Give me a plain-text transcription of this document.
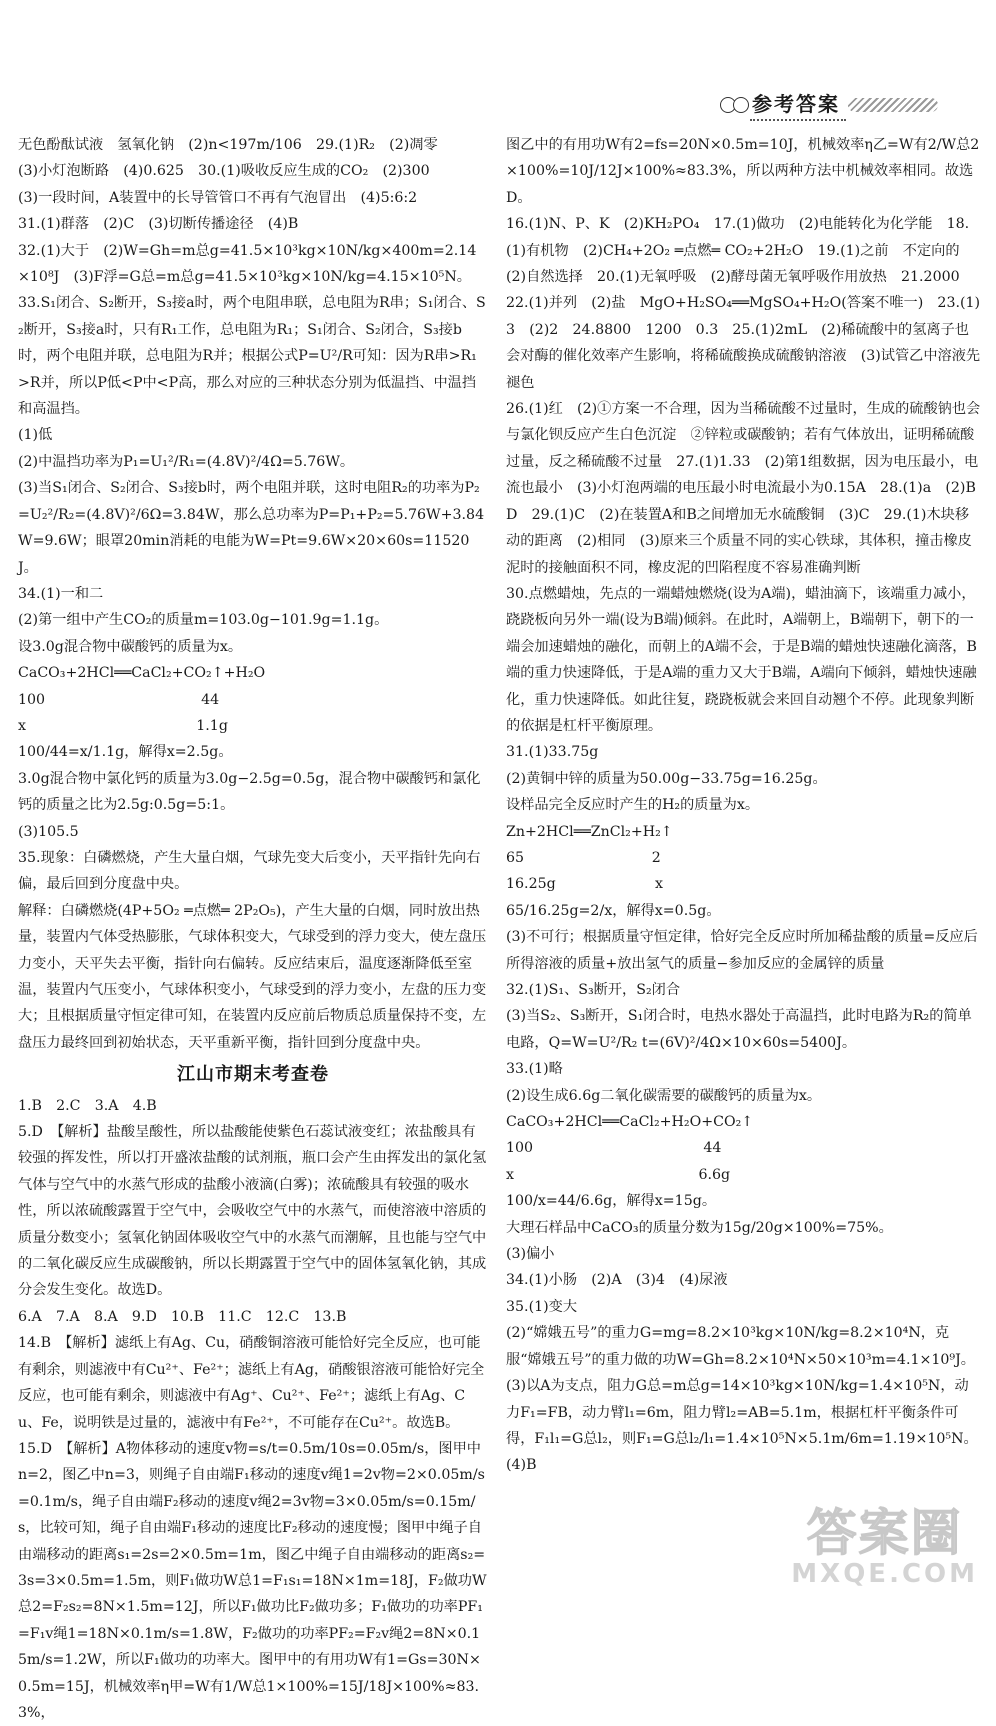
参考答案

无色酚酞试液　氢氧化钠　(2)n<197m/106　29.(1)R₂　(2)凋零

(3)小灯泡断路　(4)0.625　30.(1)吸收反应生成的CO₂　(2)300

(3)一段时间，A装置中的长导管管口不再有气泡冒出　(4)5:6:2

31.(1)群落　(2)C　(3)切断传播途径　(4)B

32.(1)大于　(2)W=Gh=m总g=41.5×10³kg×10N/kg×400m=2.14×10⁸J　(3)F浮=G总=m总g=41.5×10³kg×10N/kg=4.15×10⁵N。

33.S₁闭合、S₂断开，S₃接a时，两个电阻串联，总电阻为R串；S₁闭合、S₂断开，S₃接a时，只有R₁工作，总电阻为R₁；S₁闭合、S₂闭合，S₃接b时，两个电阻并联，总电阻为R并；根据公式P=U²/R可知：因为R串>R₁>R并，所以P低<P中<P高，那么对应的三种状态分别为低温挡、中温挡和高温挡。

(1)低

(2)中温挡功率为P₁=U₁²/R₁=(4.8V)²/4Ω=5.76W。

(3)当S₁闭合、S₂闭合、S₃接b时，两个电阻并联，这时电阻R₂的功率为P₂=U₂²/R₂=(4.8V)²/6Ω=3.84W，那么总功率为P=P₁+P₂=5.76W+3.84W=9.6W；眼罩20min消耗的电能为W=Pt=9.6W×20×60s=11520J。

34.(1)一和二

(2)第一组中产生CO₂的质量m=103.0g−101.9g=1.1g。

设3.0g混合物中碳酸钙的质量为x。

CaCO₃+2HCl══CaCl₂+CO₂↑+H₂O

100　　　　　　　　　　　44

x　　　　　　　　　　　　1.1g

100/44=x/1.1g，解得x=2.5g。

3.0g混合物中氯化钙的质量为3.0g−2.5g=0.5g，混合物中碳酸钙和氯化钙的质量之比为2.5g:0.5g=5:1。

(3)105.5

35.现象：白磷燃烧，产生大量白烟，气球先变大后变小，天平指针先向右偏，最后回到分度盘中央。

解释：白磷燃烧(4P+5O₂ ═点燃═ 2P₂O₅)，产生大量的白烟，同时放出热量，装置内气体受热膨胀，气球体积变大，气球受到的浮力变大，使左盘压力变小，天平失去平衡，指针向右偏转。反应结束后，温度逐渐降低至室温，装置内气压变小，气球体积变小，气球受到的浮力变小，左盘的压力变大；且根据质量守恒定律可知，在装置内反应前后物质总质量保持不变，左盘压力最终回到初始状态，天平重新平衡，指针回到分度盘中央。

江山市期末考查卷

1.B　2.C　3.A　4.B

5.D　【解析】盐酸呈酸性，所以盐酸能使紫色石蕊试液变红；浓盐酸具有较强的挥发性，所以打开盛浓盐酸的试剂瓶，瓶口会产生由挥发出的氯化氢气体与空气中的水蒸气形成的盐酸小液滴(白雾)；浓硫酸具有较强的吸水性，所以浓硫酸露置于空气中，会吸收空气中的水蒸气，而使溶液中溶质的质量分数变小；氢氧化钠固体吸收空气中的水蒸气而潮解，且也能与空气中的二氧化碳反应生成碳酸钠，所以长期露置于空气中的固体氢氧化钠，其成分会发生变化。故选D。

6.A　7.A　8.A　9.D　10.B　11.C　12.C　13.B

14.B　【解析】滤纸上有Ag、Cu，硝酸铜溶液可能恰好完全反应，也可能有剩余，则滤液中有Cu²⁺、Fe²⁺；滤纸上有Ag，硝酸银溶液可能恰好完全反应，也可能有剩余，则滤液中有Ag⁺、Cu²⁺、Fe²⁺；滤纸上有Ag、Cu、Fe，说明铁是过量的，滤液中有Fe²⁺，不可能存在Cu²⁺。故选B。

15.D　【解析】A物体移动的速度v物=s/t=0.5m/10s=0.05m/s，图甲中n=2，图乙中n=3，则绳子自由端F₁移动的速度v绳1=2v物=2×0.05m/s=0.1m/s，绳子自由端F₂移动的速度v绳2=3v物=3×0.05m/s=0.15m/s，比较可知，绳子自由端F₁移动的速度比F₂移动的速度慢；图甲中绳子自由端移动的距离s₁=2s=2×0.5m=1m，图乙中绳子自由端移动的距离s₂=3s=3×0.5m=1.5m，则F₁做功W总1=F₁s₁=18N×1m=18J，F₂做功W总2=F₂s₂=8N×1.5m=12J，所以F₁做功比F₂做功多；F₁做功的功率PF₁=F₁v绳1=18N×0.1m/s=1.8W，F₂做功的功率PF₂=F₂v绳2=8N×0.15m/s=1.2W，所以F₁做功的功率大。图甲中的有用功W有1=Gs=30N×0.5m=15J，机械效率η甲=W有1/W总1×100%=15J/18J×100%≈83.3%，

图乙中的有用功W有2=fs=20N×0.5m=10J，机械效率η乙=W有2/W总2×100%=10J/12J×100%≈83.3%，所以两种方法中机械效率相同。故选D。

16.(1)N、P、K　(2)KH₂PO₄　17.(1)做功　(2)电能转化为化学能　18.(1)有机物　(2)CH₄+2O₂ ═点燃═ CO₂+2H₂O　19.(1)之前　不定向的　(2)自然选择　20.(1)无氧呼吸　(2)酵母菌无氧呼吸作用放热　21.2000　22.(1)并列　(2)盐　MgO+H₂SO₄══MgSO₄+H₂O(答案不唯一)　23.(1)3　(2)2　24.8800　1200　0.3　25.(1)2mL　(2)稀硫酸中的氢离子也会对酶的催化效率产生影响，将稀硫酸换成硫酸钠溶液　(3)试管乙中溶液先褪色

26.(1)红　(2)①方案一不合理，因为当稀硫酸不过量时，生成的硫酸钠也会与氯化钡反应产生白色沉淀　②锌粒或碳酸钠；若有气体放出，证明稀硫酸过量，反之稀硫酸不过量　27.(1)1.33　(2)第1组数据，因为电压最小，电流也最小　(3)小灯泡两端的电压最小时电流最小为0.15A　28.(1)a　(2)BD　29.(1)C　(2)在装置A和B之间增加无水硫酸铜　(3)C　29.(1)木块移动的距离　(2)相同　(3)原来三个质量不同的实心铁球，其体积，撞击橡皮泥时的接触面积不同，橡皮泥的凹陷程度不容易准确判断

30.点燃蜡烛，先点的一端蜡烛燃烧(设为A端)，蜡油滴下，该端重力减小，跷跷板向另外一端(设为B端)倾斜。在此时，A端朝上，B端朝下，朝下的一端会加速蜡烛的融化，而朝上的A端不会，于是B端的蜡烛快速融化滴落，B端的重力快速降低，于是A端的重力又大于B端，A端向下倾斜，蜡烛快速融化，重力快速降低。如此往复，跷跷板就会来回自动翘个不停。此现象判断的依据是杠杆平衡原理。

31.(1)33.75g

(2)黄铜中锌的质量为50.00g−33.75g=16.25g。

设样品完全反应时产生的H₂的质量为x。

Zn+2HCl══ZnCl₂+H₂↑

65　　　　　　　　　2

16.25g　　　　　　　x

65/16.25g=2/x，解得x=0.5g。

(3)不可行；根据质量守恒定律，恰好完全反应时所加稀盐酸的质量=反应后所得溶液的质量+放出氢气的质量−参加反应的金属锌的质量

32.(1)S₁、S₃断开，S₂闭合

(3)当S₂、S₃断开，S₁闭合时，电热水器处于高温挡，此时电路为R₂的简单电路，Q=W=U²/R₂ t=(6V)²/4Ω×10×60s=5400J。

33.(1)略

(2)设生成6.6g二氧化碳需要的碳酸钙的质量为x。

CaCO₃+2HCl══CaCl₂+H₂O+CO₂↑

100　　　　　　　　　　　　44

x　　　　　　　　　　　　　6.6g

100/x=44/6.6g，解得x=15g。

大理石样品中CaCO₃的质量分数为15g/20g×100%=75%。

(3)偏小

34.(1)小肠　(2)A　(3)4　(4)尿液

35.(1)变大

(2)“嫦娥五号”的重力G=mg=8.2×10³kg×10N/kg=8.2×10⁴N，克服“嫦娥五号”的重力做的功W=Gh=8.2×10⁴N×50×10³m=4.1×10⁹J。

(3)以A为支点，阻力G总=m总g=14×10³kg×10N/kg=1.4×10⁵N，动力F₁=FB，动力臂l₁=6m，阻力臂l₂=AB=5.1m，根据杠杆平衡条件可得，F₁l₁=G总l₂，则F₁=G总l₂/l₁=1.4×10⁵N×5.1m/6m=1.19×10⁵N。

(4)B

答案圈
MXQE.COM
